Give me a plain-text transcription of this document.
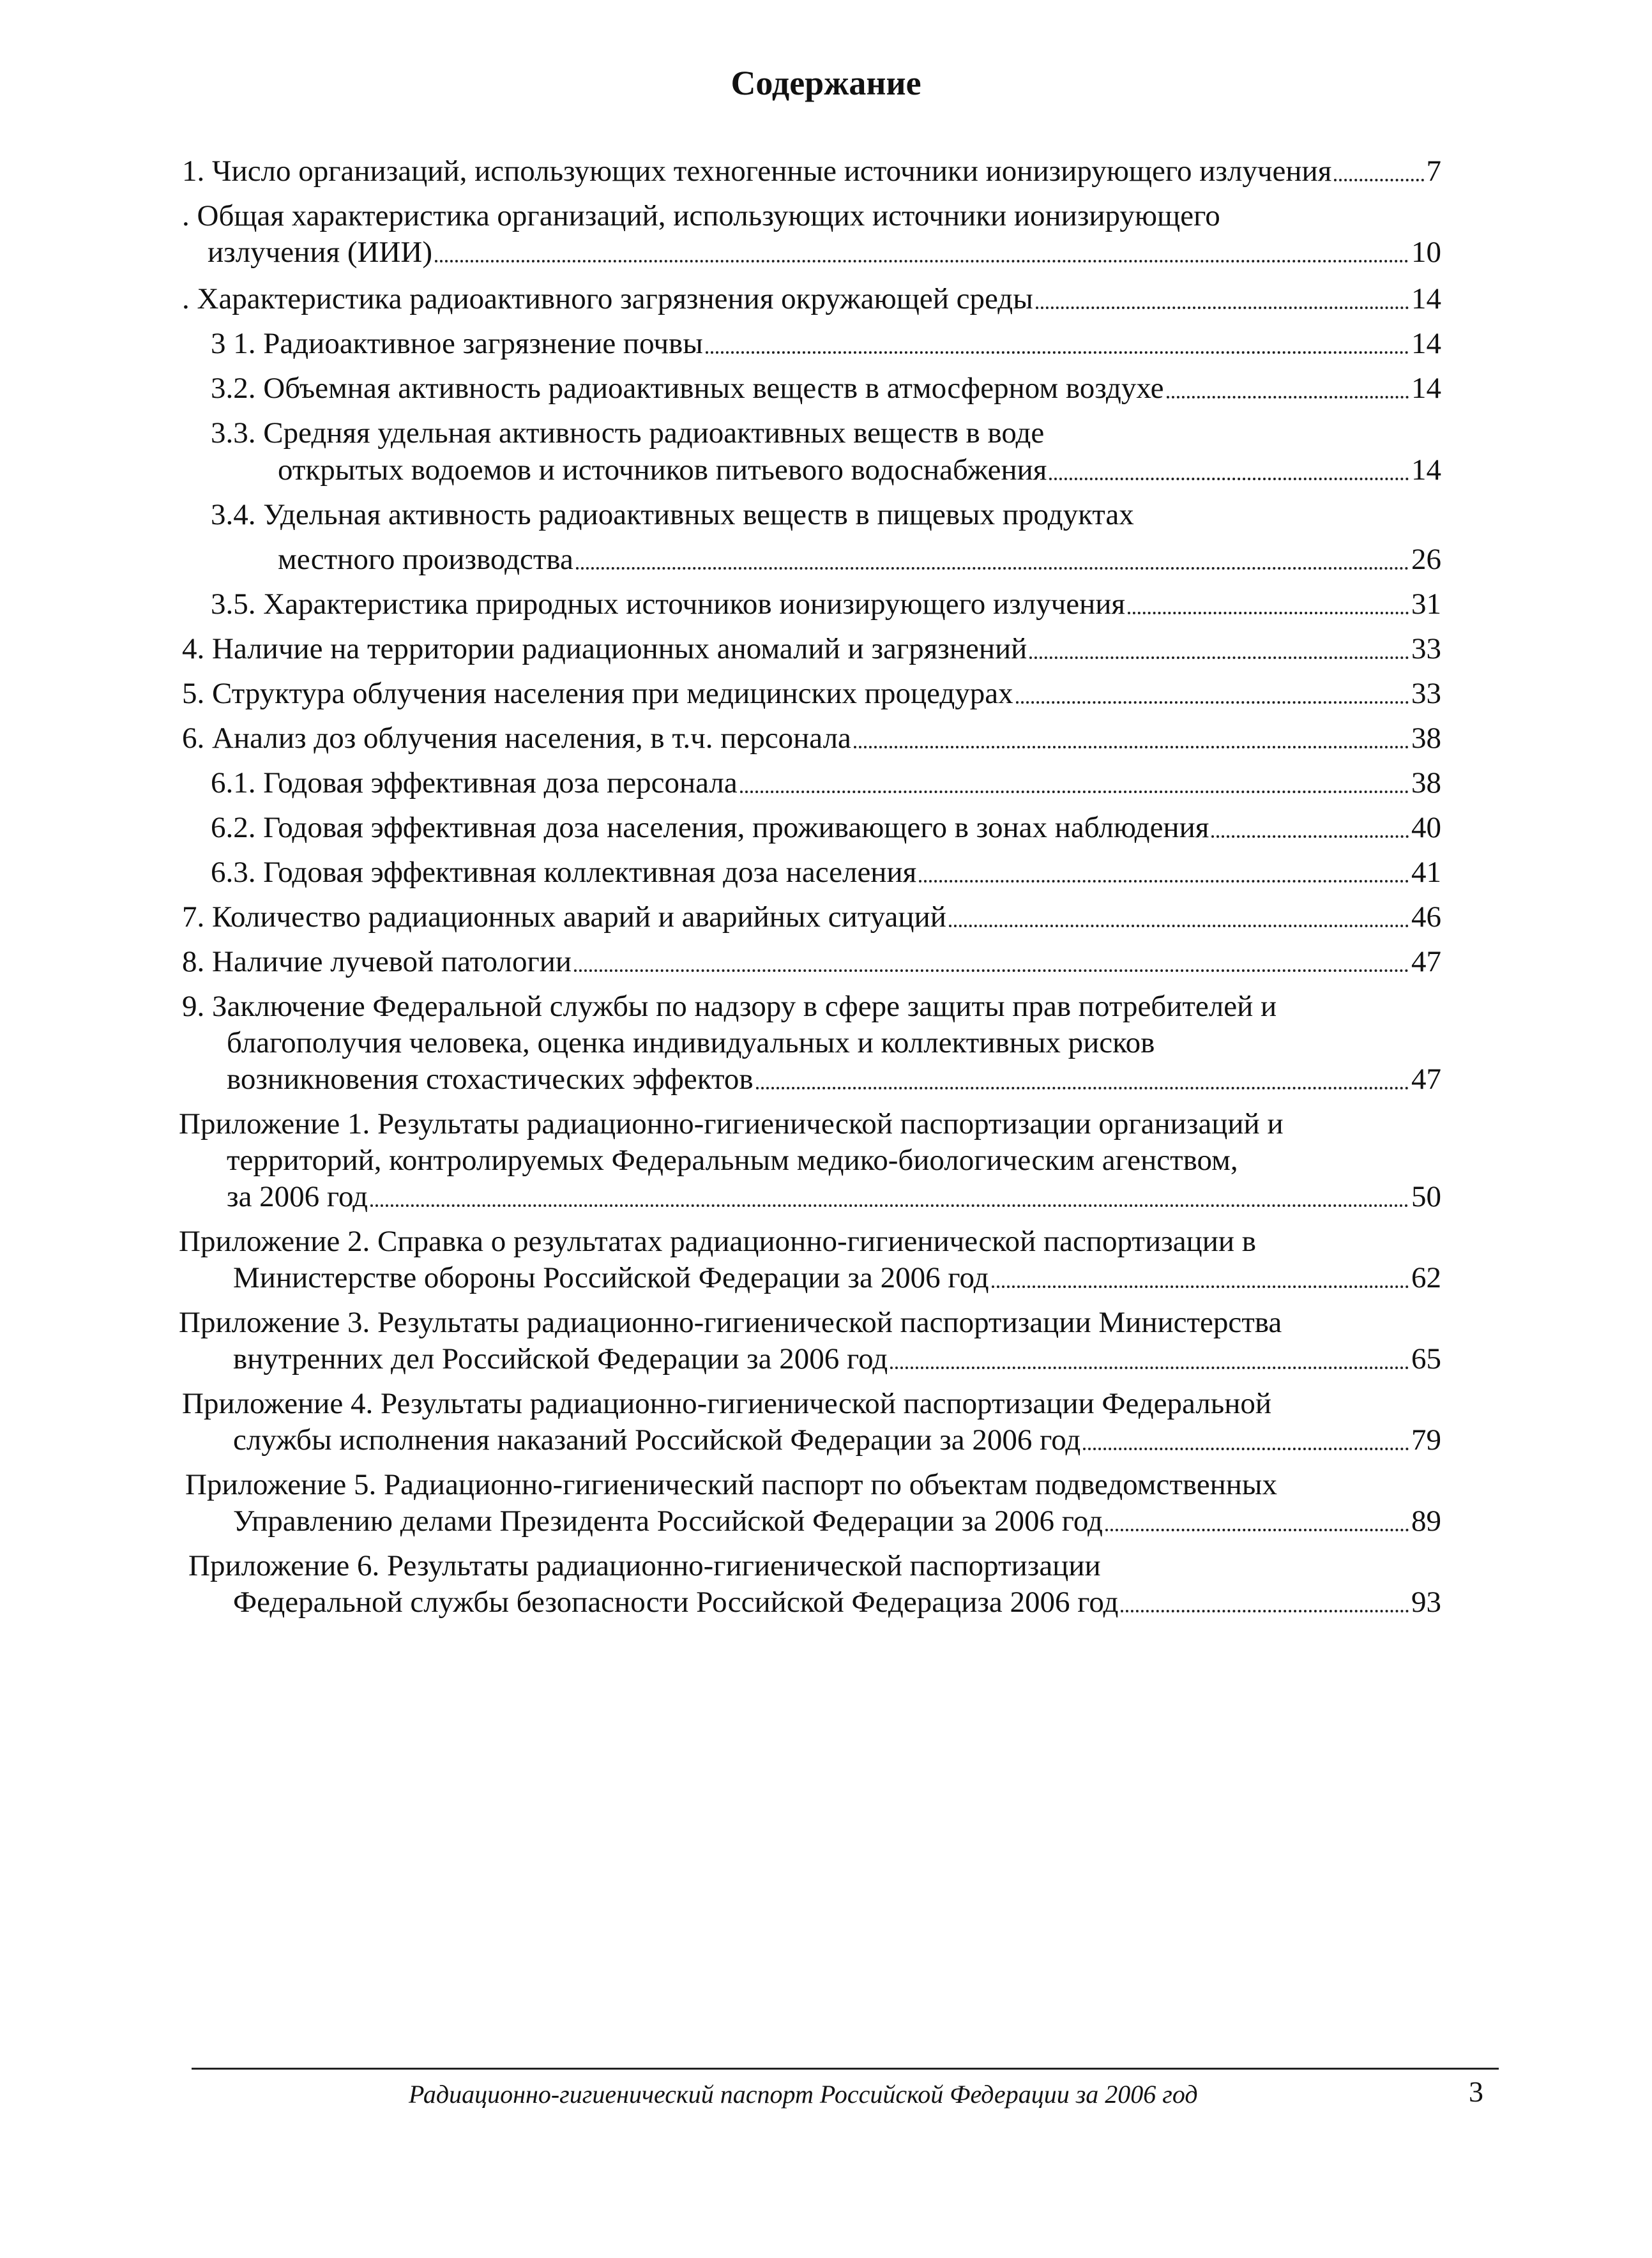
Содержание
1. Число организаций, использующих техногенные источники ионизирующего излучения	7
. Общая характеристика организаций, использующих источники ионизирующего
излучения (ИИИ)	10
. Характеристика радиоактивного загрязнения окружающей среды	14
3 1. Радиоактивное загрязнение почвы	14
3.2. Объемная активность радиоактивных веществ в атмосферном воздухе	14
3.3. Средняя удельная активность радиоактивных веществ в воде
открытых водоемов и источников питьевого водоснабжения	14
3.4. Удельная активность радиоактивных веществ в пищевых продуктах
местного производства	26
3.5. Характеристика природных источников ионизирующего излучения	31
4. Наличие на территории радиационных аномалий и загрязнений	33
5. Структура облучения населения при медицинских процедурах	33
6. Анализ доз облучения населения, в т.ч. персонала	38
6.1. Годовая эффективная доза персонала	38
6.2. Годовая эффективная доза населения, проживающего в зонах наблюдения	40
6.3. Годовая эффективная коллективная доза населения	41
7. Количество радиационных аварий и аварийных ситуаций	46
8. Наличие лучевой патологии	47
9. Заключение Федеральной службы по надзору в сфере защиты прав потребителей и
благополучия человека, оценка индивидуальных и коллективных рисков
возникновения стохастических эффектов	47
Приложение 1. Результаты радиационно-гигиенической паспортизации организаций и
территорий, контролируемых Федеральным медико-биологическим агенством,
за 2006 год	50
Приложение 2. Справка о результатах радиационно-гигиенической паспортизации в
Министерстве обороны Российской Федерации за 2006 год	62
Приложение 3. Результаты радиационно-гигиенической паспортизации Министерства
внутренних дел Российской Федерации за 2006 год	65
Приложение 4. Результаты радиационно-гигиенической паспортизации Федеральной
службы исполнения наказаний Российской Федерации за 2006 год	79
Приложение 5. Радиационно-гигиенический паспорт по объектам подведомственных
Управлению делами Президента Российской Федерации за 2006 год	89
Приложение 6. Результаты радиационно-гигиенической паспортизации
Федеральной службы безопасности Российской Федерациза 2006 год	93
Радиационно-гигиенический паспорт Российской Федерации за 2006 год	3
